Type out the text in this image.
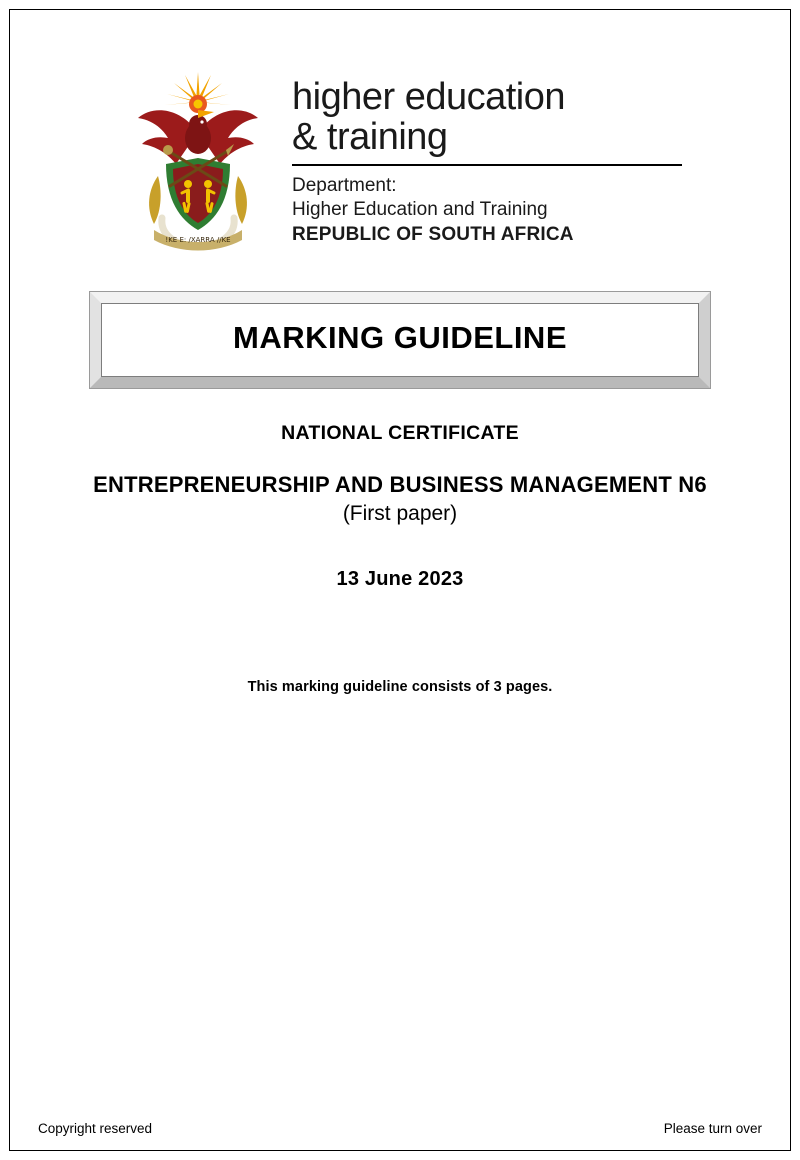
!KE E: /XARRA //KE
higher education
& training
Department:
Higher Education and Training
REPUBLIC OF SOUTH AFRICA
MARKING GUIDELINE
NATIONAL CERTIFICATE
ENTREPRENEURSHIP AND BUSINESS MANAGEMENT N6
(First paper)
13 June 2023
This marking guideline consists of 3 pages.
Copyright reserved	Please turn over
